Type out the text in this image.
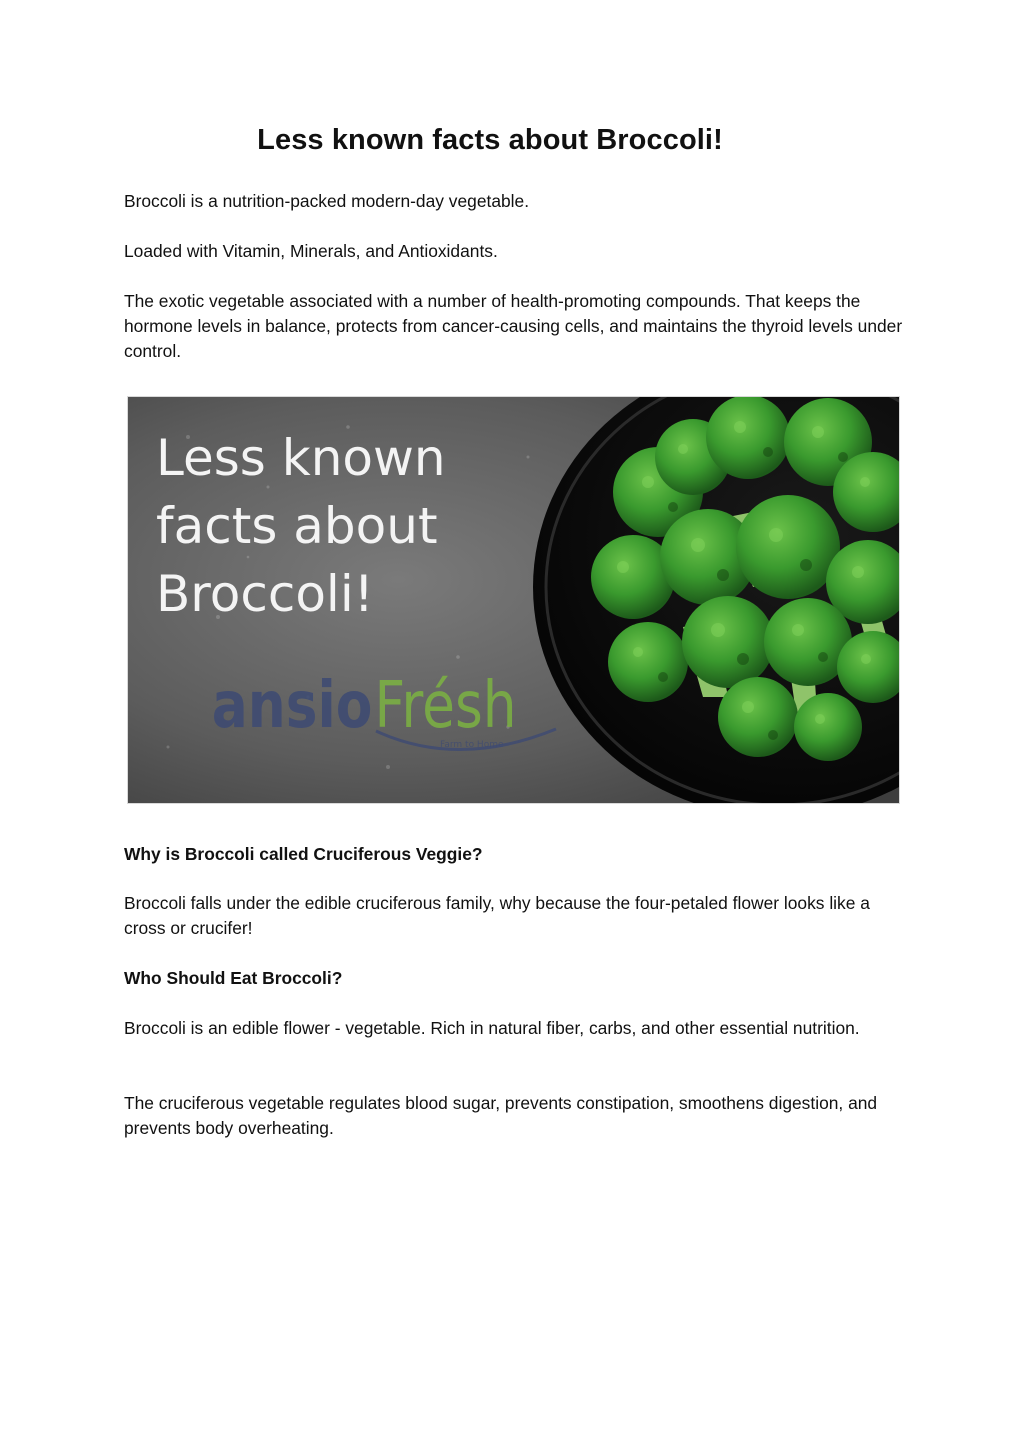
Less known facts about Broccoli!

Broccoli is a nutrition-packed modern-day vegetable.

Loaded with Vitamin, Minerals, and Antioxidants.

The exotic vegetable associated with a number of health-promoting compounds. That keeps the hormone levels in balance, protects from cancer-causing cells, and maintains the thyroid levels under control.

Less known
facts about
Broccoli!
ansio Frésh
Farm to Home

Why is Broccoli called Cruciferous Veggie?

Broccoli falls under the edible cruciferous family, why because the four-petaled flower looks like a cross or crucifer!

Who Should Eat Broccoli?

Broccoli is an edible flower - vegetable. Rich in natural fiber, carbs, and other essential nutrition.

The cruciferous vegetable regulates blood sugar, prevents constipation, smoothens digestion, and prevents body overheating.
